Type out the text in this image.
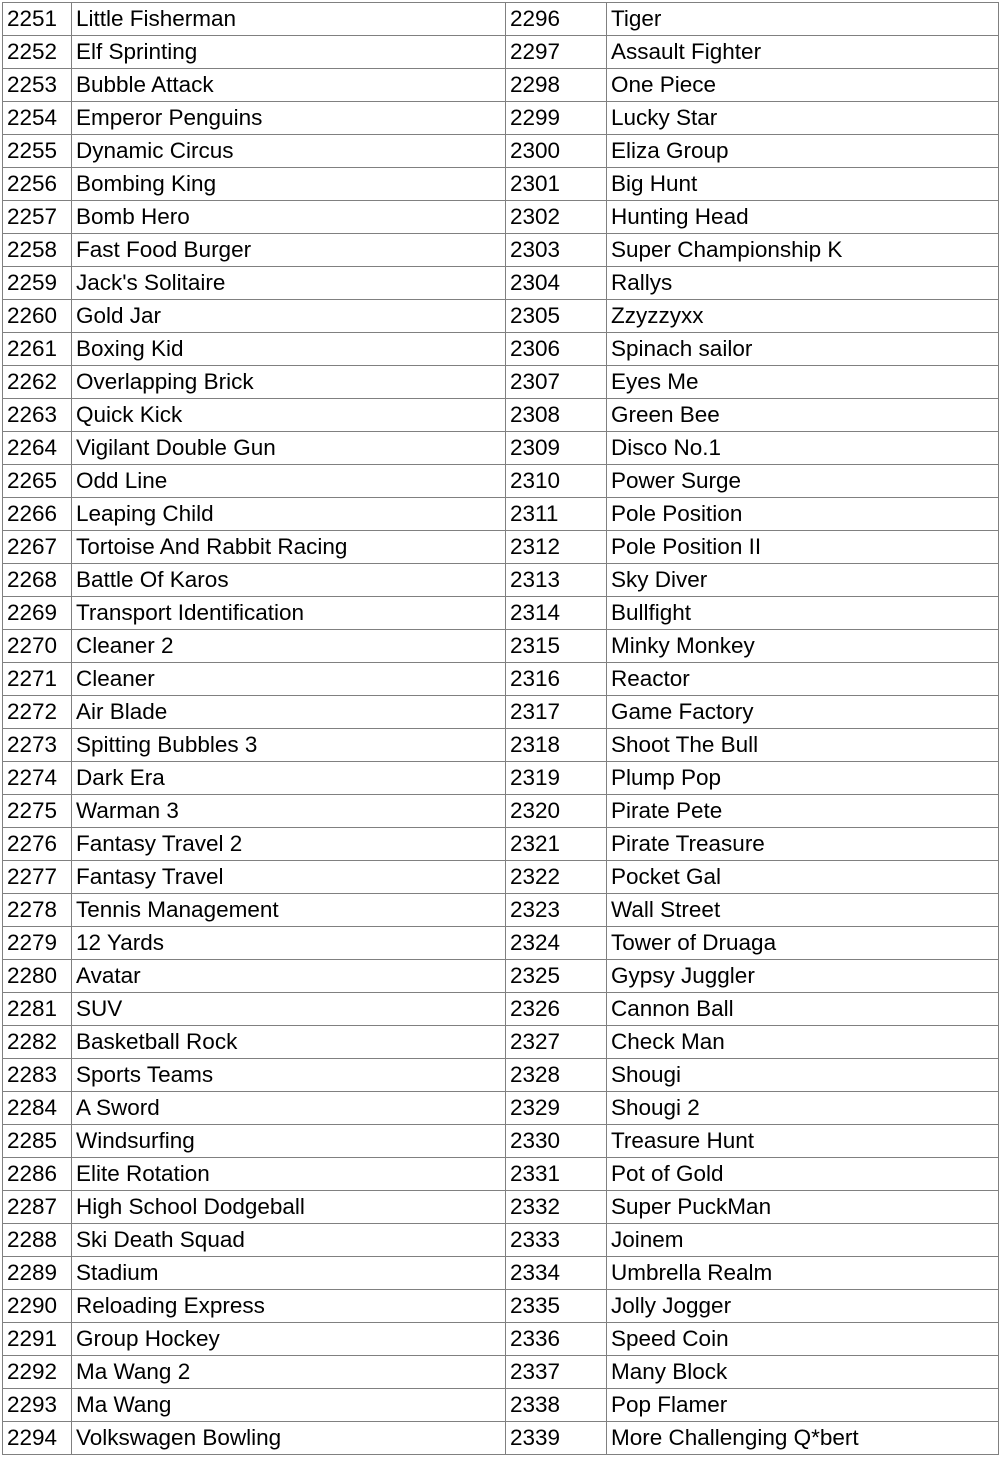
2251	Little Fisherman	2296	Tiger
2252	Elf Sprinting	2297	Assault Fighter
2253	Bubble Attack	2298	One Piece
2254	Emperor Penguins	2299	Lucky Star
2255	Dynamic Circus	2300	Eliza Group
2256	Bombing King	2301	Big Hunt
2257	Bomb Hero	2302	Hunting Head
2258	Fast Food Burger	2303	Super Championship K
2259	Jack's Solitaire	2304	Rallys
2260	Gold Jar	2305	Zzyzzyxx
2261	Boxing Kid	2306	Spinach sailor
2262	Overlapping Brick	2307	Eyes Me
2263	Quick Kick	2308	Green Bee
2264	Vigilant Double Gun	2309	Disco No.1
2265	Odd Line	2310	Power Surge
2266	Leaping Child	2311	Pole Position
2267	Tortoise And Rabbit Racing	2312	Pole Position II
2268	Battle Of Karos	2313	Sky Diver
2269	Transport Identification	2314	Bullfight
2270	Cleaner 2	2315	Minky Monkey
2271	Cleaner	2316	Reactor
2272	Air Blade	2317	Game Factory
2273	Spitting Bubbles 3	2318	Shoot The Bull
2274	Dark Era	2319	Plump Pop
2275	Warman 3	2320	Pirate Pete
2276	Fantasy Travel 2	2321	Pirate Treasure
2277	Fantasy Travel	2322	Pocket Gal
2278	Tennis Management	2323	Wall Street
2279	12 Yards	2324	Tower of Druaga
2280	Avatar	2325	Gypsy Juggler
2281	SUV	2326	Cannon Ball
2282	Basketball Rock	2327	Check Man
2283	Sports Teams	2328	Shougi
2284	A Sword	2329	Shougi 2
2285	Windsurfing	2330	Treasure Hunt
2286	Elite Rotation	2331	Pot of Gold
2287	High School Dodgeball	2332	Super PuckMan
2288	Ski Death Squad	2333	Joinem
2289	Stadium	2334	Umbrella Realm
2290	Reloading Express	2335	Jolly Jogger
2291	Group Hockey	2336	Speed Coin
2292	Ma Wang 2	2337	Many Block
2293	Ma Wang	2338	Pop Flamer
2294	Volkswagen Bowling	2339	More Challenging Q*bert
